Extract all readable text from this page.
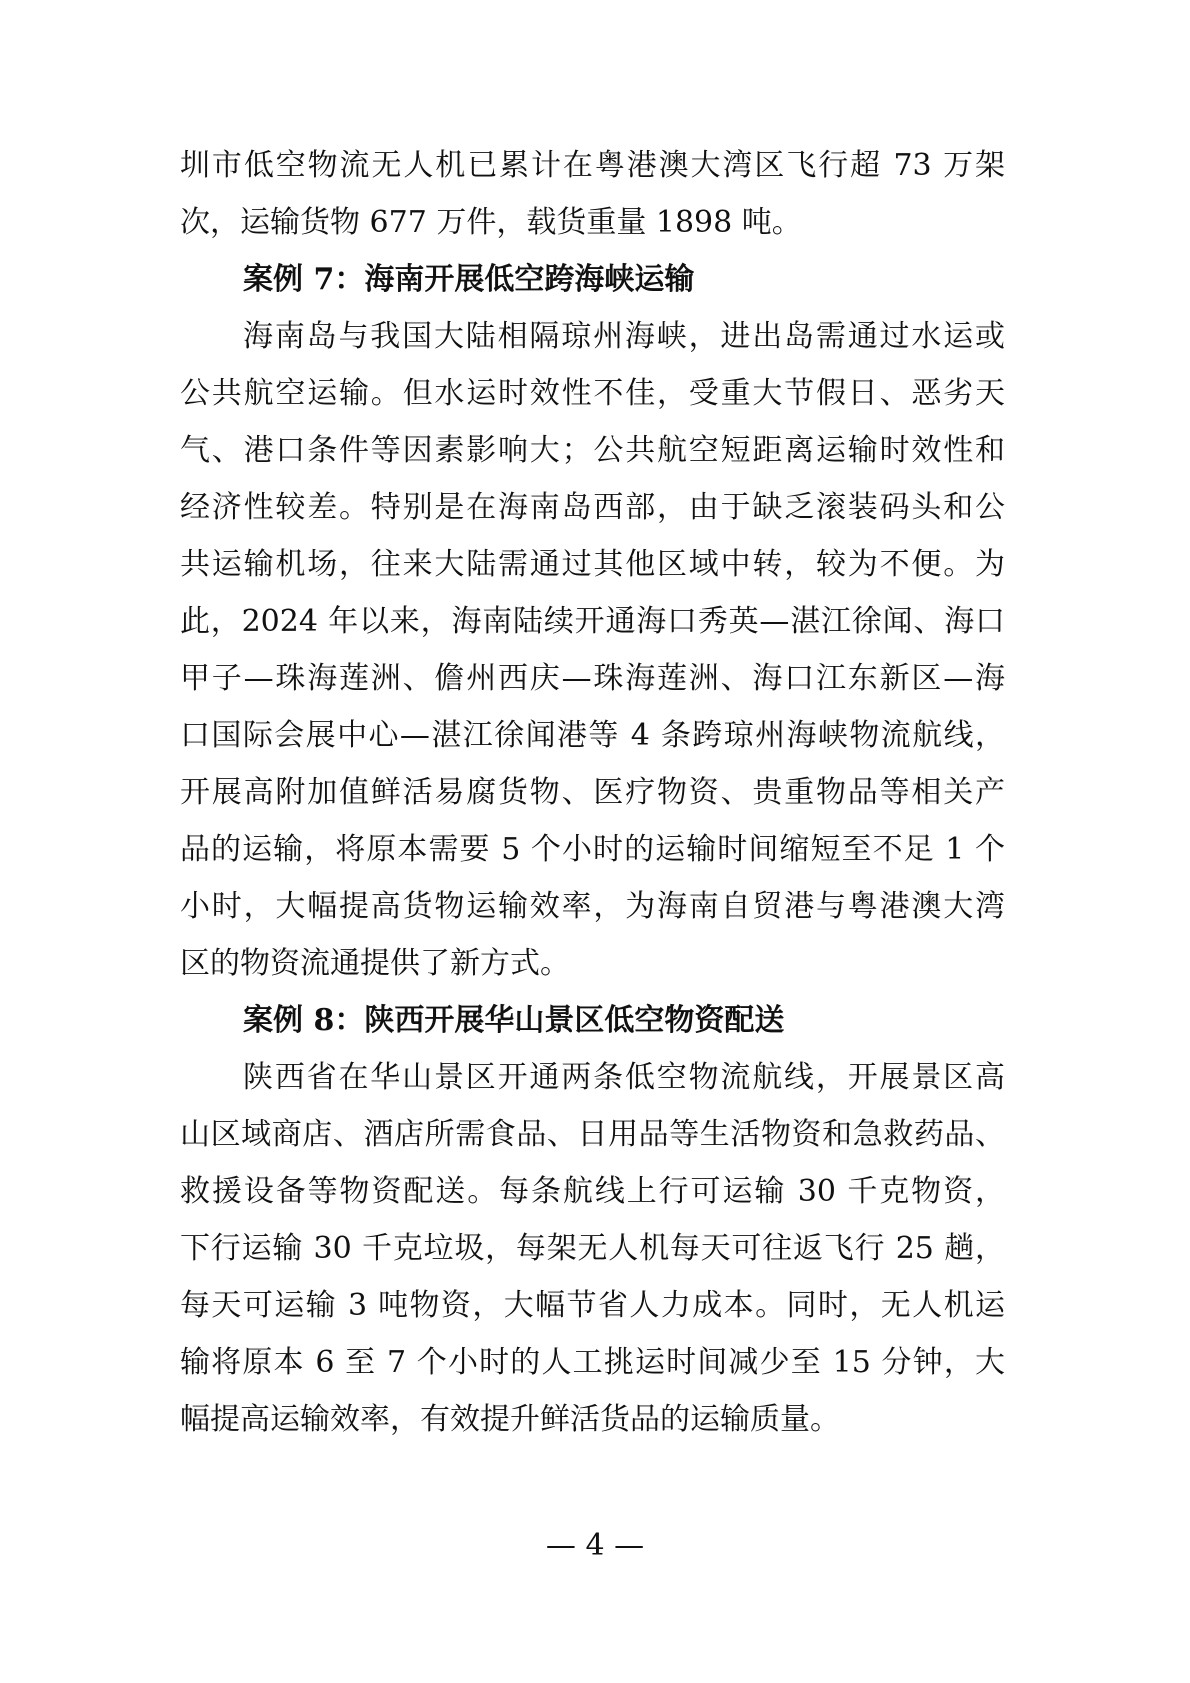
圳市低空物流无人机已累计在粤港澳大湾区飞行超 73 万架
次，运输货物 677 万件，载货重量 1898 吨。
案例 7：海南开展低空跨海峡运输
海南岛与我国大陆相隔琼州海峡，进出岛需通过水运或
公共航空运输。但水运时效性不佳，受重大节假日、恶劣天
气、港口条件等因素影响大；公共航空短距离运输时效性和
经济性较差。特别是在海南岛西部，由于缺乏滚装码头和公
共运输机场，往来大陆需通过其他区域中转，较为不便。为
此，2024 年以来，海南陆续开通海口秀英—湛江徐闻、海口
甲子—珠海莲洲、儋州西庆—珠海莲洲、海口江东新区—海
口国际会展中心—湛江徐闻港等 4 条跨琼州海峡物流航线，
开展高附加值鲜活易腐货物、医疗物资、贵重物品等相关产
品的运输，将原本需要 5 个小时的运输时间缩短至不足 1 个
小时，大幅提高货物运输效率，为海南自贸港与粤港澳大湾
区的物资流通提供了新方式。
案例 8：陕西开展华山景区低空物资配送
陕西省在华山景区开通两条低空物流航线，开展景区高
山区域商店、酒店所需食品、日用品等生活物资和急救药品、
救援设备等物资配送。每条航线上行可运输 30 千克物资，
下行运输 30 千克垃圾，每架无人机每天可往返飞行 25 趟，
每天可运输 3 吨物资，大幅节省人力成本。同时，无人机运
输将原本 6 至 7 个小时的人工挑运时间减少至 15 分钟，大
幅提高运输效率，有效提升鲜活货品的运输质量。
— 4 —
